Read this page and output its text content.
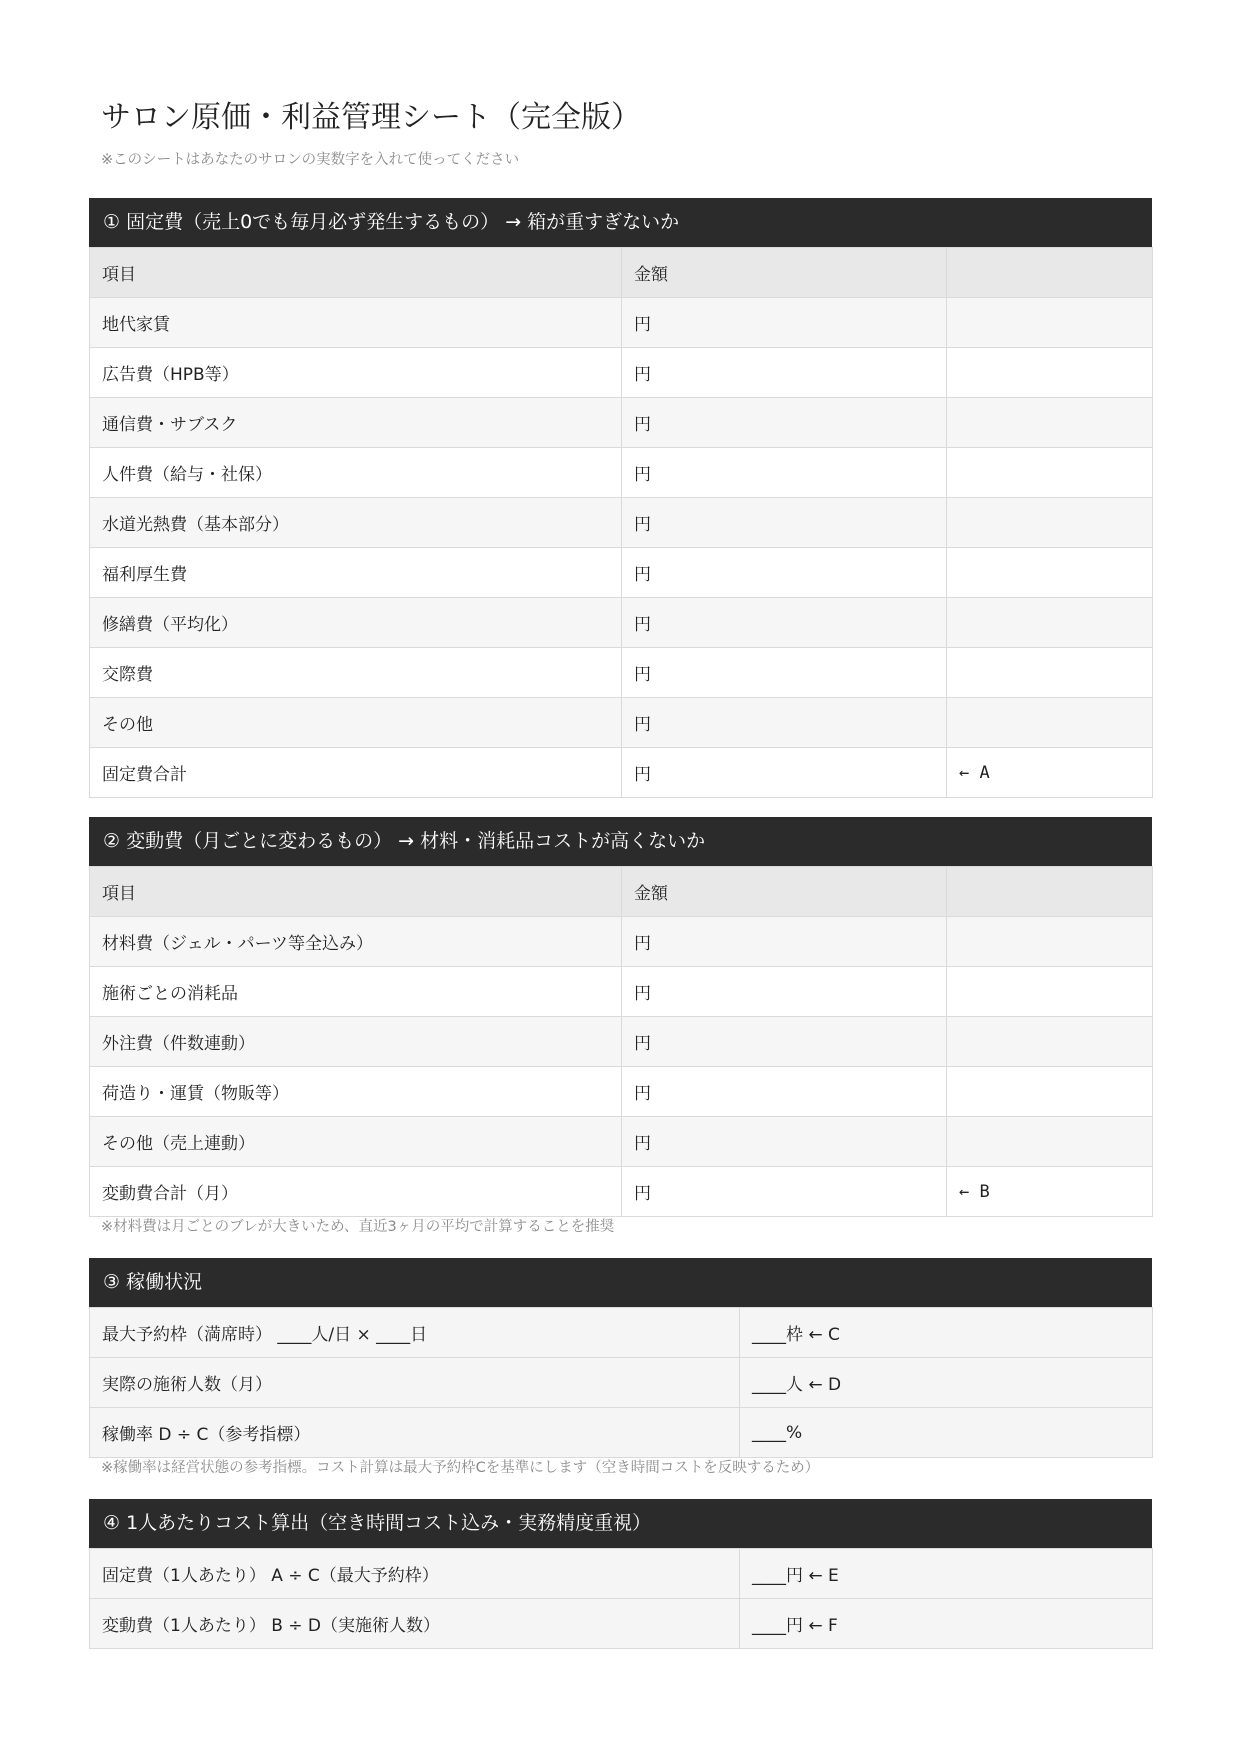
サロン原価・利益管理シート（完全版）
※このシートはあなたのサロンの実数字を入れて使ってください
① 固定費（売上0でも毎月必ず発生するもの） → 箱が重すぎないか
項目	金額	
地代家賃	円	
広告費（HPB等）	円	
通信費・サブスク	円	
人件費（給与・社保）	円	
水道光熱費（基本部分）	円	
福利厚生費	円	
修繕費（平均化）	円	
交際費	円	
その他	円	
固定費合計	円	← A
② 変動費（月ごとに変わるもの） → 材料・消耗品コストが高くないか
項目	金額	
材料費（ジェル・パーツ等全込み）	円	
施術ごとの消耗品	円	
外注費（件数連動）	円	
荷造り・運賃（物販等）	円	
その他（売上連動）	円	
変動費合計（月）	円	← B
※材料費は月ごとのブレが大きいため、直近3ヶ月の平均で計算することを推奨
③ 稼働状況
最大予約枠（満席時） ____人/日 × ____日	____枠 ← C
実際の施術人数（月）	____人 ← D
稼働率 D ÷ C（参考指標）	____%
※稼働率は経営状態の参考指標。コスト計算は最大予約枠Cを基準にします（空き時間コストを反映するため）
④ 1人あたりコスト算出（空き時間コスト込み・実務精度重視）
固定費（1人あたり） A ÷ C（最大予約枠）	____円 ← E
変動費（1人あたり） B ÷ D（実施術人数）	____円 ← F
